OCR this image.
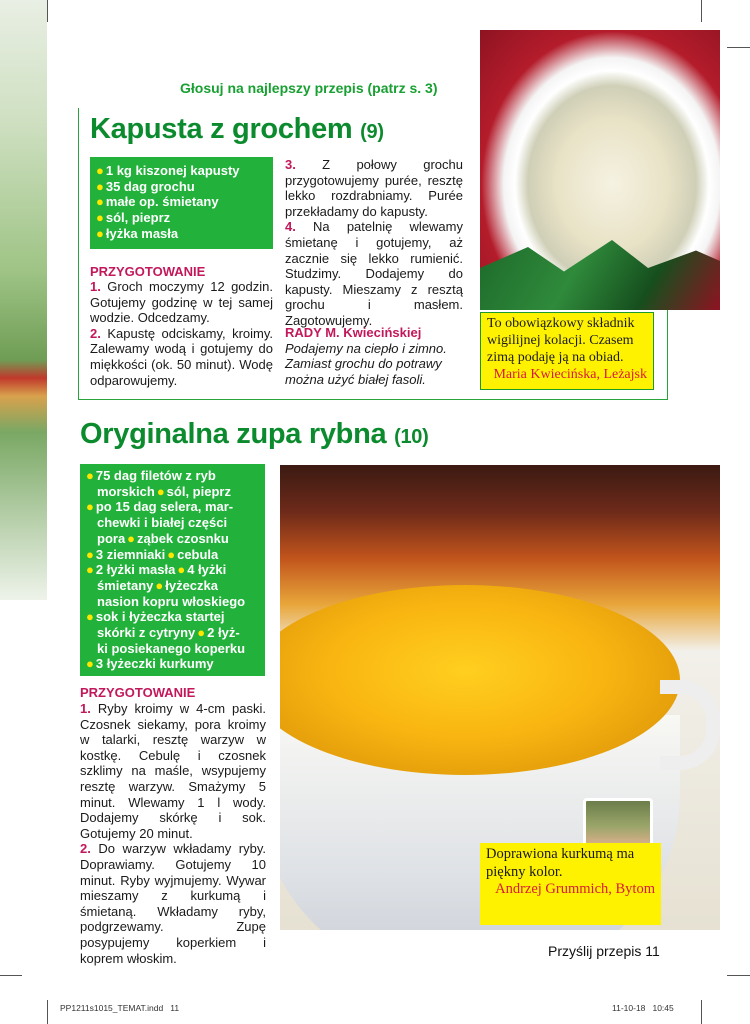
Głosuj na najlepszy przepis (patrz s. 3)
Kapusta z grochem (9)
● 1 kg kiszonej kapusty
● 35 dag grochu
● małe op. śmietany
● sól, pieprz
● łyżka masła
PRZYGOTOWANIE
1. Groch moczymy 12 godzin. Gotujemy godzinę w tej samej wodzie. Odcedzamy.
2. Kapustę odciskamy, kroimy. Zalewamy wodą i gotujemy do miękkości (ok. 50 minut). Wodę odparowujemy.
3. Z połowy grochu przygotowujemy purée, resztę lekko rozdrabniamy. Purée przekładamy do kapusty.
4. Na patelnię wlewamy śmietanę i gotujemy, aż zacznie się lekko rumienić. Studzimy. Dodajemy do kapusty. Mieszamy z resztą grochu i masłem. Zagotowujemy.
RADY M. Kwiecińskiej
Podajemy na ciepło i zimno. Zamiast grochu do potrawy można użyć białej fasoli.
To obowiązkowy składnik wigilijnej kolacji. Czasem zimą podaję ją na obiad.
Maria Kwiecińska, Leżajsk
Oryginalna zupa rybna (10)
● 75 dag filetów z ryb
morskich ● sól, pieprz
● po 15 dag selera, mar-
chewki i białej części
pora ● ząbek czosnku
● 3 ziemniaki ● cebula
● 2 łyżki masła ● 4 łyżki
śmietany ● łyżeczka
nasion kopru włoskiego
● sok i łyżeczka startej
skórki z cytryny ● 2 łyż-
ki posiekanego koperku
● 3 łyżeczki kurkumy
PRZYGOTOWANIE
1. Ryby kroimy w 4-cm paski. Czosnek siekamy, pora kroimy w talarki, resztę warzyw w kostkę. Cebulę i czosnek szklimy na maśle, wsypujemy resztę warzyw. Smażymy 5 minut. Wlewamy 1 l wody. Dodajemy skórkę i sok. Gotujemy 20 minut.
2. Do warzyw wkładamy ryby. Doprawiamy. Gotujemy 10 minut. Ryby wyjmujemy. Wywar mieszamy z kurkumą i śmietaną. Wkładamy ryby, podgrzewamy. Zupę posypujemy koperkiem i koprem włoskim.
Doprawiona kurkumą ma piękny kolor.
Andrzej Grummich, Bytom
Przyślij przepis 11
PP1211s1015_TEMAT.indd   11	11-10-18   10:45
